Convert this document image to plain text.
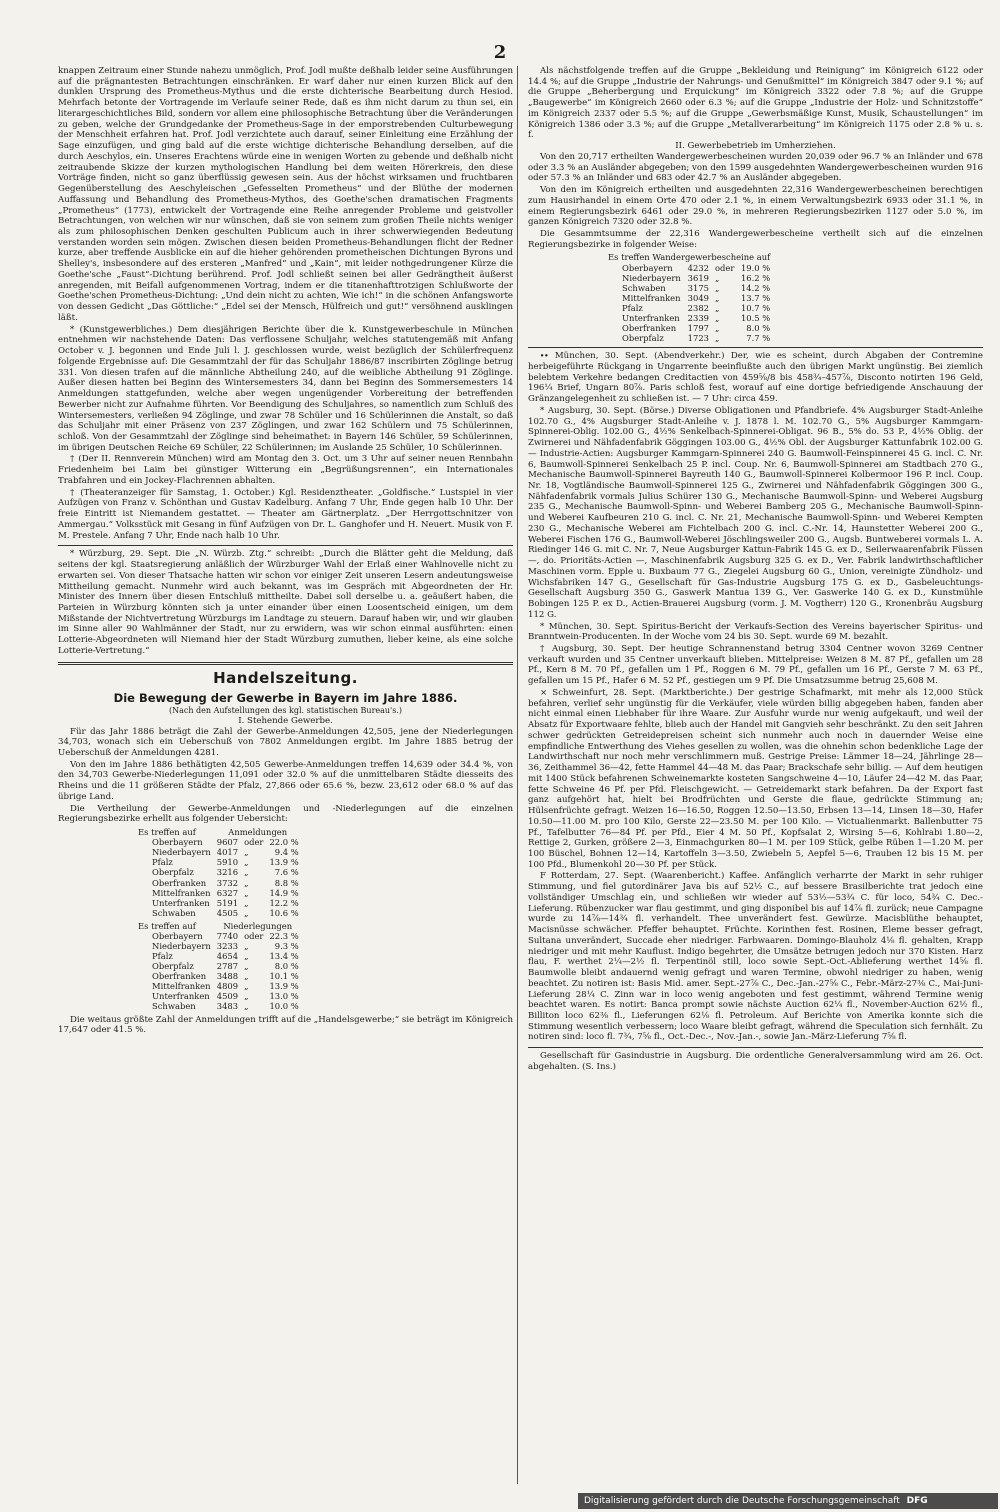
2

knappen Zeitraum einer Stunde nahezu unmöglich, Prof. Jodl mußte deßhalb leider seine Ausführungen auf die prägnantesten Betrachtungen einschränken. Er warf daher nur einen kurzen Blick auf den dunklen Ursprung des Prometheus-Mythus und die erste dichterische Bearbeitung durch Hesiod. Mehrfach betonte der Vortragende im Verlaufe seiner Rede, daß es ihm nicht darum zu thun sei, ein literargeschichtliches Bild, sondern vor allem eine philosophische Betrachtung über die Veränderungen zu geben, welche der Grundgedanke der Prometheus-Sage in der emporstrebenden Culturbewegung der Menschheit erfahren hat. Prof. Jodl verzichtete auch darauf, seiner Einleitung eine Erzählung der Sage einzufügen, und ging bald auf die erste wichtige dichterische Behandlung derselben, auf die durch Aeschylos, ein. Unseres Erachtens würde eine in wenigen Worten zu gebende und deßhalb nicht zeitraubende Skizze der kurzen mythologischen Handlung bei dem weiten Hörerkreis, den diese Vorträge finden, nicht so ganz überflüssig gewesen sein. Aus der höchst wirksamen und fruchtbaren Gegenüberstellung des Aeschyleischen „Gefesselten Prometheus“ und der Blüthe der modernen Auffassung und Behandlung des Prometheus-Mythos, des Goethe'schen dramatischen Fragments „Prometheus“ (1773), entwickelt der Vortragende eine Reihe anregender Probleme und geistvoller Betrachtungen, von welchen wir nur wünschen, daß sie von seinem zum großen Theile nichts weniger als zum philosophischen Denken geschulten Publicum auch in ihrer schwerwiegenden Bedeutung verstanden worden sein mögen. Zwischen diesen beiden Prometheus-Behandlungen flicht der Redner kurze, aber treffende Ausblicke ein auf die hieher gehörenden prometheischen Dichtungen Byrons und Shelley's, insbesondere auf des ersteren „Manfred“ und „Kain“, mit leider nothgedrungener Kürze die Goethe'sche „Faust“-Dichtung berührend. Prof. Jodl schließt seinen bei aller Gedrängtheit äußerst anregenden, mit Beifall aufgenommenen Vortrag, indem er die titanenhafttrotzigen Schlußworte der Goethe'schen Prometheus-Dichtung: „Und dein nicht zu achten, Wie ich!“ in die schönen Anfangsworte von dessen Gedicht „Das Göttliche:“ „Edel sei der Mensch, Hülfreich und gut!“ versöhnend ausklingen läßt.

* (Kunstgewerbliches.) Dem diesjährigen Berichte über die k. Kunstgewerbeschule in München entnehmen wir nachstehende Daten: Das verflossene Schuljahr, welches statutengemäß mit Anfang October v. J. begonnen und Ende Juli l. J. geschlossen wurde, weist bezüglich der Schülerfrequenz folgende Ergebnisse auf: Die Gesammtzahl der für das Schuljahr 1886/87 inscribirten Zöglinge betrug 331. Von diesen trafen auf die männliche Abtheilung 240, auf die weibliche Abtheilung 91 Zöglinge. Außer diesen hatten bei Beginn des Wintersemesters 34, dann bei Beginn des Sommersemesters 14 Anmeldungen stattgefunden, welche aber wegen ungenügender Vorbereitung der betreffenden Bewerber nicht zur Aufnahme führten. Vor Beendigung des Schuljahres, so namentlich zum Schluß des Wintersemesters, verließen 94 Zöglinge, und zwar 78 Schüler und 16 Schülerinnen die Anstalt, so daß das Schuljahr mit einer Präsenz von 237 Zöglingen, und zwar 162 Schülern und 75 Schülerinnen, schloß. Von der Gesammtzahl der Zöglinge sind beheimathet: in Bayern 146 Schüler, 59 Schülerinnen, im übrigen Deutschen Reiche 69 Schüler, 22 Schülerinnen; im Auslande 25 Schüler, 10 Schülerinnen.

† (Der II. Rennverein München) wird am Montag den 3. Oct. um 3 Uhr auf seiner neuen Rennbahn Friedenheim bei Laim bei günstiger Witterung ein „Begrüßungsrennen“, ein Internationales Trabfahren und ein Jockey-Flachrennen abhalten.

† (Theateranzeiger für Samstag, 1. October.) Kgl. Residenztheater. „Goldfische.“ Lustspiel in vier Aufzügen von Franz v. Schönthan und Gustav Kadelburg. Anfang 7 Uhr, Ende gegen halb 10 Uhr. Der freie Eintritt ist Niemandem gestattet. — Theater am Gärtnerplatz. „Der Herrgottschnitzer von Ammergau.“ Volksstück mit Gesang in fünf Aufzügen von Dr. L. Ganghofer und H. Neuert. Musik von F. M. Prestele. Anfang 7 Uhr, Ende nach halb 10 Uhr.

* Würzburg, 29. Sept. Die „N. Würzb. Ztg.“ schreibt: „Durch die Blätter geht die Meldung, daß seitens der kgl. Staatsregierung anläßlich der Würzburger Wahl der Erlaß einer Wahlnovelle nicht zu erwarten sei. Von dieser Thatsache hatten wir schon vor einiger Zeit unseren Lesern andeutungsweise Mittheilung gemacht. Nunmehr wird auch bekannt, was im Gespräch mit Abgeordneten der Hr. Minister des Innern über diesen Entschluß mittheilte. Dabei soll derselbe u. a. geäußert haben, die Parteien in Würzburg könnten sich ja unter einander über einen Loosentscheid einigen, um dem Mißstande der Nichtvertretung Würzburgs im Landtage zu steuern. Darauf haben wir, und wir glauben im Sinne aller 90 Wahlmänner der Stadt, nur zu erwidern, was wir schon einmal ausführten: einen Lotterie-Abgeordneten will Niemand hier der Stadt Würzburg zumuthen, lieber keine, als eine solche Lotterie-Vertretung.“

Handelszeitung.
Die Bewegung der Gewerbe in Bayern im Jahre 1886.
(Nach den Aufstellungen des kgl. statistischen Bureau's.)
I. Stehende Gewerbe.

Für das Jahr 1886 beträgt die Zahl der Gewerbe-Anmeldungen 42,505, jene der Niederlegungen 34,703, wonach sich ein Ueberschuß von 7802 Anmeldungen ergibt. Im Jahre 1885 betrug der Ueberschuß der Anmeldungen 4281.

Von den im Jahre 1886 bethätigten 42,505 Gewerbe-Anmeldungen treffen 14,639 oder 34.4 %, von den 34,703 Gewerbe-Niederlegungen 11,091 oder 32.0 % auf die unmittelbaren Städte diesseits des Rheins und die 11 größeren Städte der Pfalz, 27,866 oder 65.6 %, bezw. 23,612 oder 68.0 % auf das übrige Land.

Die Vertheilung der Gewerbe-Anmeldungen und -Niederlegungen auf die einzelnen Regierungsbezirke erhellt aus folgender Uebersicht:

Es treffen auf	Anmeldungen		
Oberbayern	9607	oder	22.0 %
Niederbayern	4017	„	9.4 %
Pfalz	5910	„	13.9 %
Oberpfalz	3216	„	7.6 %
Oberfranken	3732	„	8.8 %
Mittelfranken	6327	„	14.9 %
Unterfranken	5191	„	12.2 %
Schwaben	4505	„	10.6 %
Es treffen auf	Niederlegungen		
Oberbayern	7740	oder	22.3 %
Niederbayern	3233	„	9.3 %
Pfalz	4654	„	13.4 %
Oberpfalz	2787	„	8.0 %
Oberfranken	3488	„	10.1 %
Mittelfranken	4809	„	13.9 %
Unterfranken	4509	„	13.0 %
Schwaben	3483	„	10.0 %

Die weitaus größte Zahl der Anmeldungen trifft auf die „Handelsgewerbe;“ sie beträgt im Königreich 17,647 oder 41.5 %.

Als nächstfolgende treffen auf die Gruppe „Bekleidung und Reinigung“ im Königreich 6122 oder 14.4 %; auf die Gruppe „Industrie der Nahrungs- und Genußmittel“ im Königreich 3847 oder 9.1 %; auf die Gruppe „Beherbergung und Erquickung“ im Königreich 3322 oder 7.8 %; auf die Gruppe „Baugewerbe“ im Königreich 2660 oder 6.3 %; auf die Gruppe „Industrie der Holz- und Schnitzstoffe“ im Königreich 2337 oder 5.5 %; auf die Gruppe „Gewerbsmäßige Kunst, Musik, Schaustellungen“ im Königreich 1386 oder 3.3 %; auf die Gruppe „Metallverarbeitung“ im Königreich 1175 oder 2.8 % u. s. f.

II. Gewerbebetrieb im Umherziehen.

Von den 20,717 ertheilten Wandergewerbescheinen wurden 20,039 oder 96.7 % an Inländer und 678 oder 3.3 % an Ausländer abgegeben; von den 1599 ausgedehnten Wandergewerbescheinen wurden 916 oder 57.3 % an Inländer und 683 oder 42.7 % an Ausländer abgegeben.

Von den im Königreich ertheilten und ausgedehnten 22,316 Wandergewerbescheinen berechtigen zum Hausirhandel in einem Orte 470 oder 2.1 %, in einem Verwaltungsbezirk 6933 oder 31.1 %, in einem Regierungsbezirk 6461 oder 29.0 %, in mehreren Regierungsbezirken 1127 oder 5.0 %, im ganzen Königreich 7320 oder 32.8 %.

Die Gesammtsumme der 22,316 Wandergewerbescheine vertheilt sich auf die einzelnen Regierungsbezirke in folgender Weise:

Es treffen Wandergewerbescheine auf			
Oberbayern	4232	oder	19.0 %
Niederbayern	3619	„	16.2 %
Schwaben	3175	„	14.2 %
Mittelfranken	3049	„	13.7 %
Pfalz	2382	„	10.7 %
Unterfranken	2339	„	10.5 %
Oberfranken	1797	„	8.0 %
Oberpfalz	1723	„	7.7 %

∙∙ München, 30. Sept. (Abendverkehr.) Der, wie es scheint, durch Abgaben der Contremine herbeigeführte Rückgang in Ungarrente beeinflußte auch den übrigen Markt ungünstig. Bei ziemlich belebtem Verkehre bedangen Creditactien von 459⅝/8 bis 458¾–457⅞, Disconto notirten 196 Geld, 196¼ Brief, Ungarn 80⅞. Paris schloß fest, worauf auf eine dortige befriedigende Anschauung der Gränzangelegenheit zu schließen ist. — 7 Uhr: circa 459.

* Augsburg, 30. Sept. (Börse.) Diverse Obligationen und Pfandbriefe. 4% Augsburger Stadt-Anleihe 102.70 G., 4% Augsburger Stadt-Anleihe v. J. 1878 l. M. 102.70 G., 5% Augsburger Kammgarn-Spinnerei-Oblig. 102.00 G., 4½% Senkelbach-Spinnerei-Obligat. 96 B., 5% do. 53 P., 4½% Oblig. der Zwirnerei und Nähfadenfabrik Göggingen 103.00 G., 4½% Obl. der Augsburger Kattunfabrik 102.00 G. — Industrie-Actien: Augsburger Kammgarn-Spinnerei 240 G. Baumwoll-Feinspinnerei 45 G. incl. C. Nr. 6, Baumwoll-Spinnerei Senkelbach 25 P. incl. Coup. Nr. 6, Baumwoll-Spinnerei am Stadtbach 270 G., Mechanische Baumwoll-Spinnerei Bayreuth 140 G., Baumwoll-Spinnerei Kolbermoor 196 P. incl. Coup. Nr. 18, Vogtländische Baumwoll-Spinnerei 125 G., Zwirnerei und Nähfadenfabrik Göggingen 300 G., Nähfadenfabrik vormals Julius Schürer 130 G., Mechanische Baumwoll-Spinn- und Weberei Augsburg 235 G., Mechanische Baumwoll-Spinn- und Weberei Bamberg 205 G., Mechanische Baumwoll-Spinn- und Weberei Kaufbeuren 210 G. incl. C. Nr. 21, Mechanische Baumwoll-Spinn- und Weberei Kempten 230 G., Mechanische Weberei am Fichtelbach 200 G. incl. C.-Nr. 14, Haunstetter Weberei 200 G., Weberei Fischen 176 G., Baumwoll-Weberei Jöschlingsweiler 200 G., Augsb. Buntweberei vormals L. A. Riedinger 146 G. mit C. Nr. 7, Neue Augsburger Kattun-Fabrik 145 G. ex D., Seilerwaarenfabrik Füssen —, do. Prioritäts-Actien —, Maschinenfabrik Augsburg 325 G. ex D., Ver. Fabrik landwirthschaftlicher Maschinen vorm. Epple u. Buxbaum 77 G., Ziegelei Augsburg 60 G., Union, vereinigte Zündholz- und Wichsfabriken 147 G., Gesellschaft für Gas-Industrie Augsburg 175 G. ex D., Gasbeleuchtungs-Gesellschaft Augsburg 350 G., Gaswerk Mantua 139 G., Ver. Gaswerke 140 G. ex D., Kunstmühle Bobingen 125 P. ex D., Actien-Brauerei Augsburg (vorm. J. M. Vogtherr) 120 G., Kronenbräu Augsburg 112 G.

* München, 30. Sept. Spiritus-Bericht der Verkaufs-Section des Vereins bayerischer Spiritus- und Branntwein-Producenten. In der Woche vom 24 bis 30. Sept. wurde 69 M. bezahlt.

† Augsburg, 30. Sept. Der heutige Schrannenstand betrug 3304 Centner wovon 3269 Centner verkauft wurden und 35 Centner unverkauft blieben. Mittelpreise: Weizen 8 M. 87 Pf., gefallen um 28 Pf., Kern 8 M. 70 Pf., gefallen um 1 Pf., Roggen 6 M. 79 Pf., gefallen um 16 Pf., Gerste 7 M. 63 Pf., gefallen um 15 Pf., Hafer 6 M. 52 Pf., gestiegen um 9 Pf. Die Umsatzsumme betrug 25,608 M.

× Schweinfurt, 28. Sept. (Marktberichte.) Der gestrige Schafmarkt, mit mehr als 12,000 Stück befahren, verlief sehr ungünstig für die Verkäufer, viele würden billig abgegeben haben, fanden aber nicht einmal einen Liebhaber für ihre Waare. Zur Ausfuhr wurde nur wenig aufgekauft, und weil der Absatz für Exportwaare fehlte, blieb auch der Handel mit Gangvieh sehr beschränkt. Zu den seit Jahren schwer gedrückten Getreidepreisen scheint sich nunmehr auch noch in dauernder Weise eine empfindliche Entwerthung des Viehes gesellen zu wollen, was die ohnehin schon bedenkliche Lage der Landwirthschaft nur noch mehr verschlimmern muß. Gestrige Preise: Lämmer 18—24, Jährlinge 28—36, Zeithammel 36—42, fette Hammel 44—48 M. das Paar; Brackschafe sehr billig. — Auf dem heutigen mit 1400 Stück befahrenen Schweinemarkte kosteten Sangschweine 4—10, Läufer 24—42 M. das Paar, fette Schweine 46 Pf. per Pfd. Fleischgewicht. — Getreidemarkt stark befahren. Da der Export fast ganz aufgehört hat, hielt bei Brodfrüchten und Gerste die flaue, gedrückte Stimmung an; Hülsenfrüchte gefragt. Weizen 16—16.50, Roggen 12.50—13.50, Erbsen 13—14, Linsen 18—30, Hafer 10.50—11.00 M. pro 100 Kilo, Gerste 22—23.50 M. per 100 Kilo. — Victualienmarkt. Ballenbutter 75 Pf., Tafelbutter 76—84 Pf. per Pfd., Eier 4 M. 50 Pf., Kopfsalat 2, Wirsing 5—6, Kohlrabi 1.80—2, Rettige 2, Gurken, größere 2—3, Einmachgurken 80—1 M. per 109 Stück, gelbe Rüben 1—1.20 M. per 100 Büschel, Bohnen 12—14, Kartoffeln 3—3.50, Zwiebeln 5, Aepfel 5—6, Trauben 12 bis 15 M. per 100 Pfd., Blumenkohl 20—30 Pf. per Stück.

F Rotterdam, 27. Sept. (Waarenbericht.) Kaffee. Anfänglich verharrte der Markt in sehr ruhiger Stimmung, und fiel gutordinärer Java bis auf 52½ C., auf bessere Brasilberichte trat jedoch eine vollständiger Umschlag ein, und schließen wir wieder auf 53½—53¾ C. für loco, 54¾ C. Dec.-Lieferung. Rübenzucker war flau gestimmt, und ging disponibel bis auf 14⅞ fl. zurück; neue Campagne wurde zu 14⅞—14¾ fl. verhandelt. Thee unverändert fest. Gewürze. Macisblüthe behauptet, Macisnüsse schwächer. Pfeffer behauptet. Früchte. Korinthen fest. Rosinen, Eleme besser gefragt, Sultana unverändert, Succade eher niedriger. Farbwaaren. Domingo-Blauholz 4⅛ fl. gehalten, Krapp niedriger und mit mehr Kauflust. Indigo begehrter, die Umsätze betrugen jedoch nur 370 Kisten. Harz flau, F. werthet 2¼—2½ fl. Terpentinöl still, loco sowie Sept.-Oct.-Ablieferung werthet 14⅝ fl. Baumwolle bleibt andauernd wenig gefragt und waren Termine, obwohl niedriger zu haben, wenig beachtet. Zu notiren ist: Basis Mid. amer. Sept.-27⅞ C., Dec.-Jan.-27⅝ C., Febr.-März-27⅜ C., Mai-Juni-Lieferung 28¼ C. Zinn war in loco wenig angeboten und fest gestimmt, während Termine wenig beachtet waren. Es notirt: Banca prompt sowie nächste Auction 62¼ fl., November-Auction 62½ fl., Billiton loco 62⅜ fl., Lieferungen 62⅛ fl. Petroleum. Auf Berichte von Amerika konnte sich die Stimmung wesentlich verbessern; loco Waare bleibt gefragt, während die Speculation sich fernhält. Zu notiren sind: loco fl. 7¾, 7⅝ fl., Oct.-Dec.-, Nov.-Jan.-, sowie Jan.-März-Lieferung 7⅝ fl.

Gesellschaft für Gasindustrie in Augsburg. Die ordentliche Generalversammlung wird am 26. Oct. abgehalten. (S. Ins.)

Digitalisierung gefördert durch die Deutsche Forschungsgemeinschaft DFG
